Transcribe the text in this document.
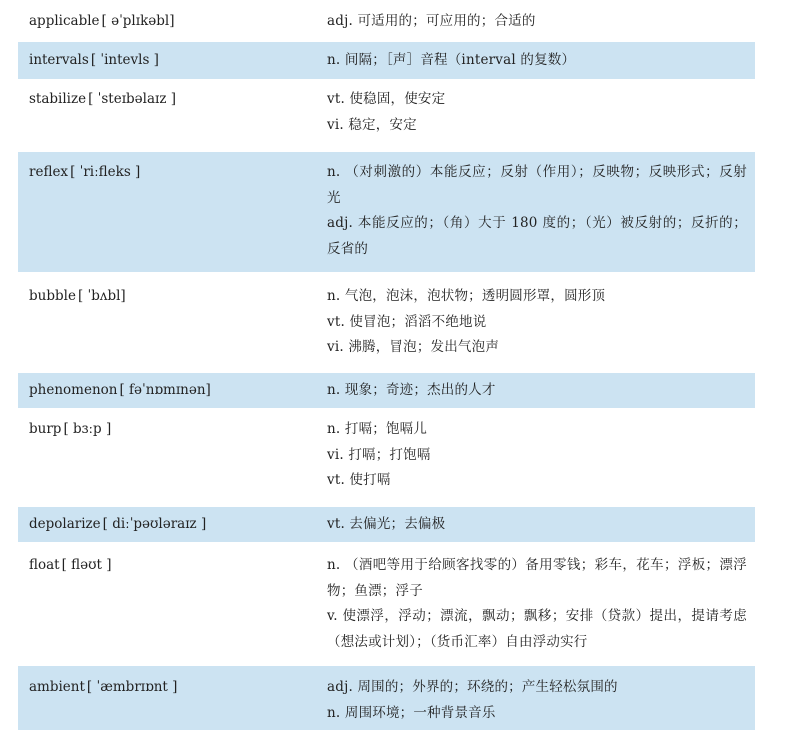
applicable [ əˈplɪkəbl]	adj. 可适用的；可应用的；合适的
intervals [ ˈintevls ]	n. 间隔；［声］音程（interval 的复数）
stabilize [ ˈsteɪbəlaɪz ]	vt. 使稳固，使安定
vi. 稳定，安定
reflex [ ˈriːfleks ]	n. （对刺激的）本能反应；反射（作用）；反映物；反映形式；反射光
adj. 本能反应的；（角）大于 180 度的；（光）被反射的；反折的；反省的
bubble [ ˈbʌbl]	n. 气泡，泡沫，泡状物；透明圆形罩，圆形顶
vt. 使冒泡；滔滔不绝地说
vi. 沸腾，冒泡；发出气泡声
phenomenon [ fəˈnɒmɪnən]	n. 现象；奇迹；杰出的人才
burp [ bɜːp ]	n. 打嗝；饱嗝儿
vi. 打嗝；打饱嗝
vt. 使打嗝
depolarize [ diːˈpəʊləraɪz ]	vt. 去偏光；去偏极
float [ fləʊt ]	n. （酒吧等用于给顾客找零的）备用零钱；彩车，花车；浮板；漂浮物；鱼漂；浮子
v. 使漂浮，浮动；漂流，飘动；飘移；安排（贷款）提出，提请考虑（想法或计划）；（货币汇率）自由浮动实行
ambient [ ˈæmbrɪɒnt ]	adj. 周围的；外界的；环绕的；产生轻松氛围的
n. 周围环境；一种背景音乐
